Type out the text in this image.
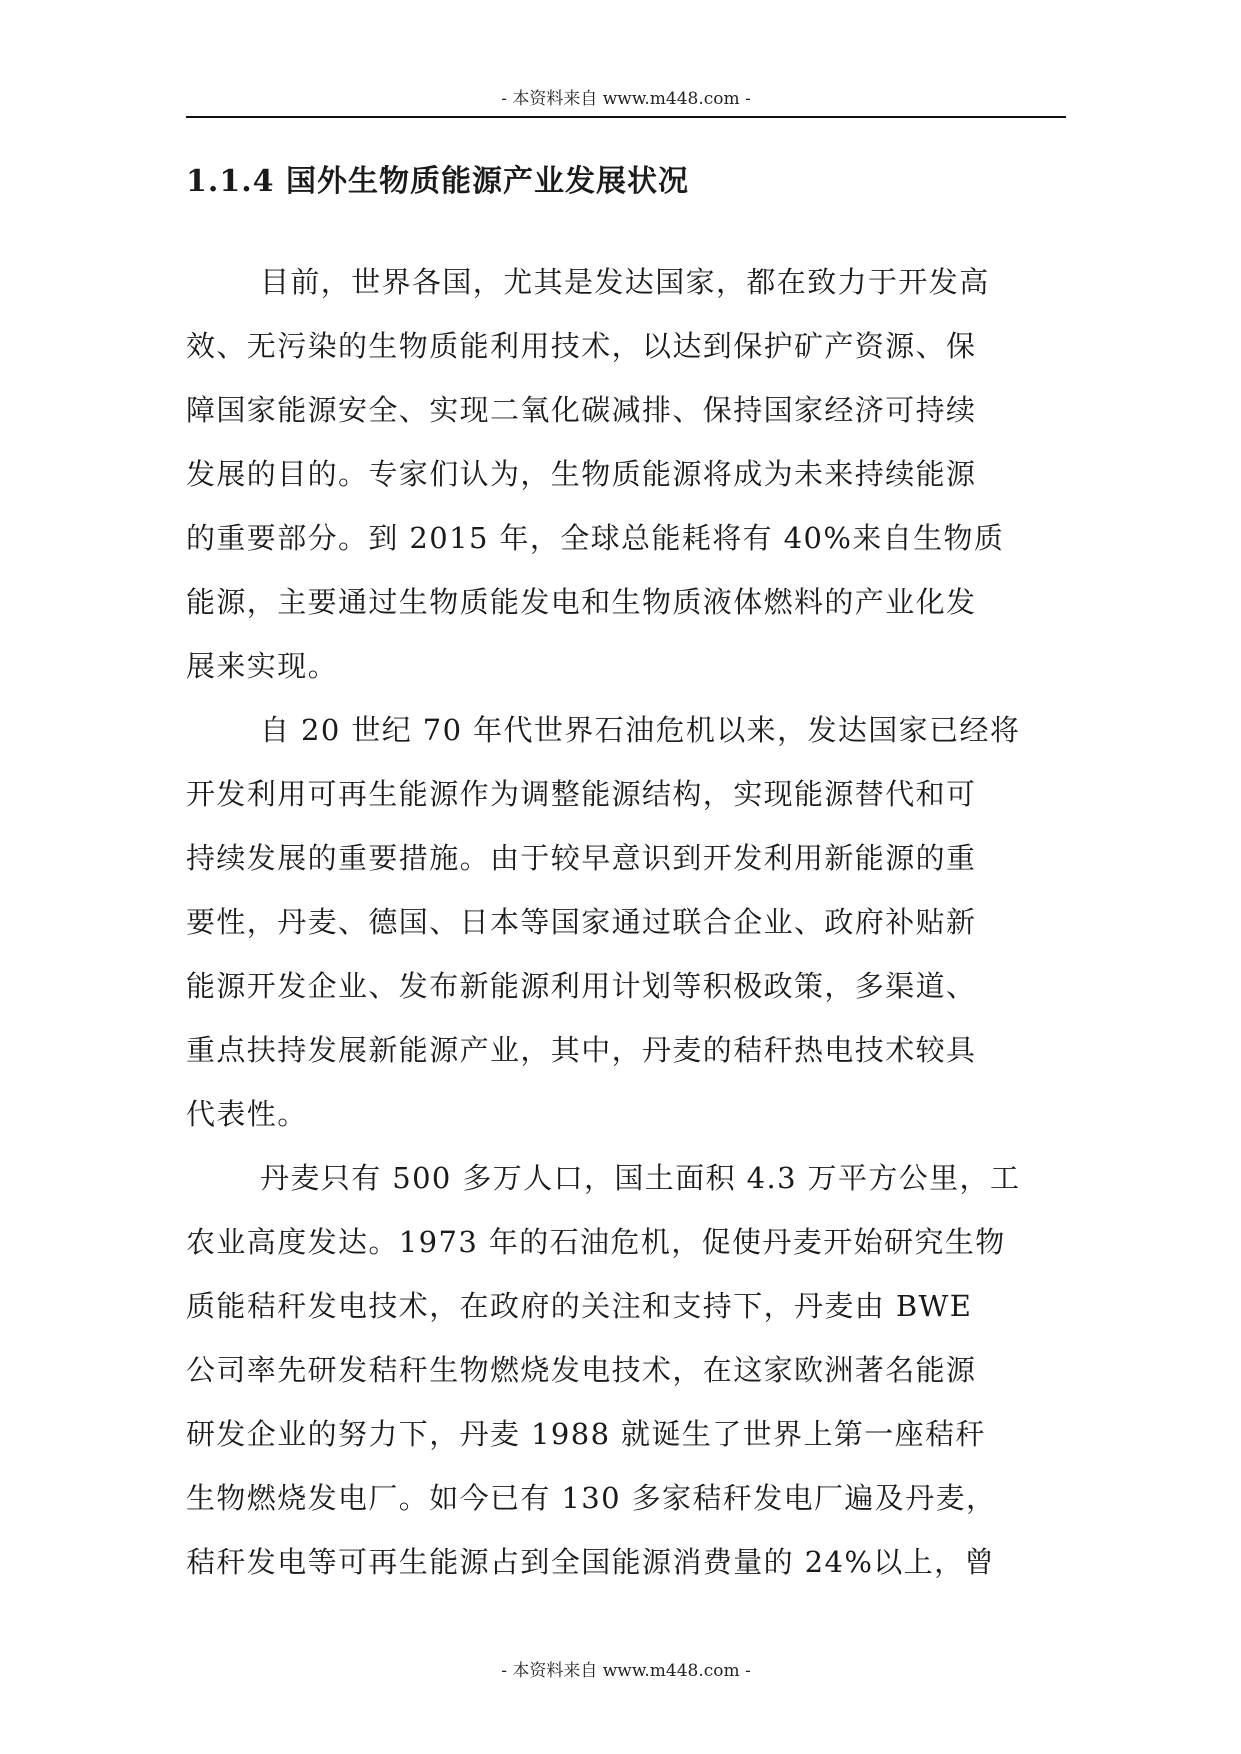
- 本资料来自 www.m448.com -
1.1.4 国外生物质能源产业发展状况

目前，世界各国，尤其是发达国家，都在致力于开发高
效、无污染的生物质能利用技术，以达到保护矿产资源、保
障国家能源安全、实现二氧化碳减排、保持国家经济可持续
发展的目的。专家们认为，生物质能源将成为未来持续能源
的重要部分。到 2015 年，全球总能耗将有 40%来自生物质
能源，主要通过生物质能发电和生物质液体燃料的产业化发
展来实现。

自 20 世纪 70 年代世界石油危机以来，发达国家已经将
开发利用可再生能源作为调整能源结构，实现能源替代和可
持续发展的重要措施。由于较早意识到开发利用新能源的重
要性，丹麦、德国、日本等国家通过联合企业、政府补贴新
能源开发企业、发布新能源利用计划等积极政策，多渠道、
重点扶持发展新能源产业，其中，丹麦的秸秆热电技术较具
代表性。

丹麦只有 500 多万人口，国土面积 4.3 万平方公里，工
农业高度发达。1973 年的石油危机，促使丹麦开始研究生物
质能秸秆发电技术，在政府的关注和支持下，丹麦由 BWE
公司率先研发秸秆生物燃烧发电技术，在这家欧洲著名能源
研发企业的努力下，丹麦 1988 就诞生了世界上第一座秸秆
生物燃烧发电厂。如今已有 130 多家秸秆发电厂遍及丹麦，
秸秆发电等可再生能源占到全国能源消费量的 24%以上，曾

- 本资料来自 www.m448.com -
